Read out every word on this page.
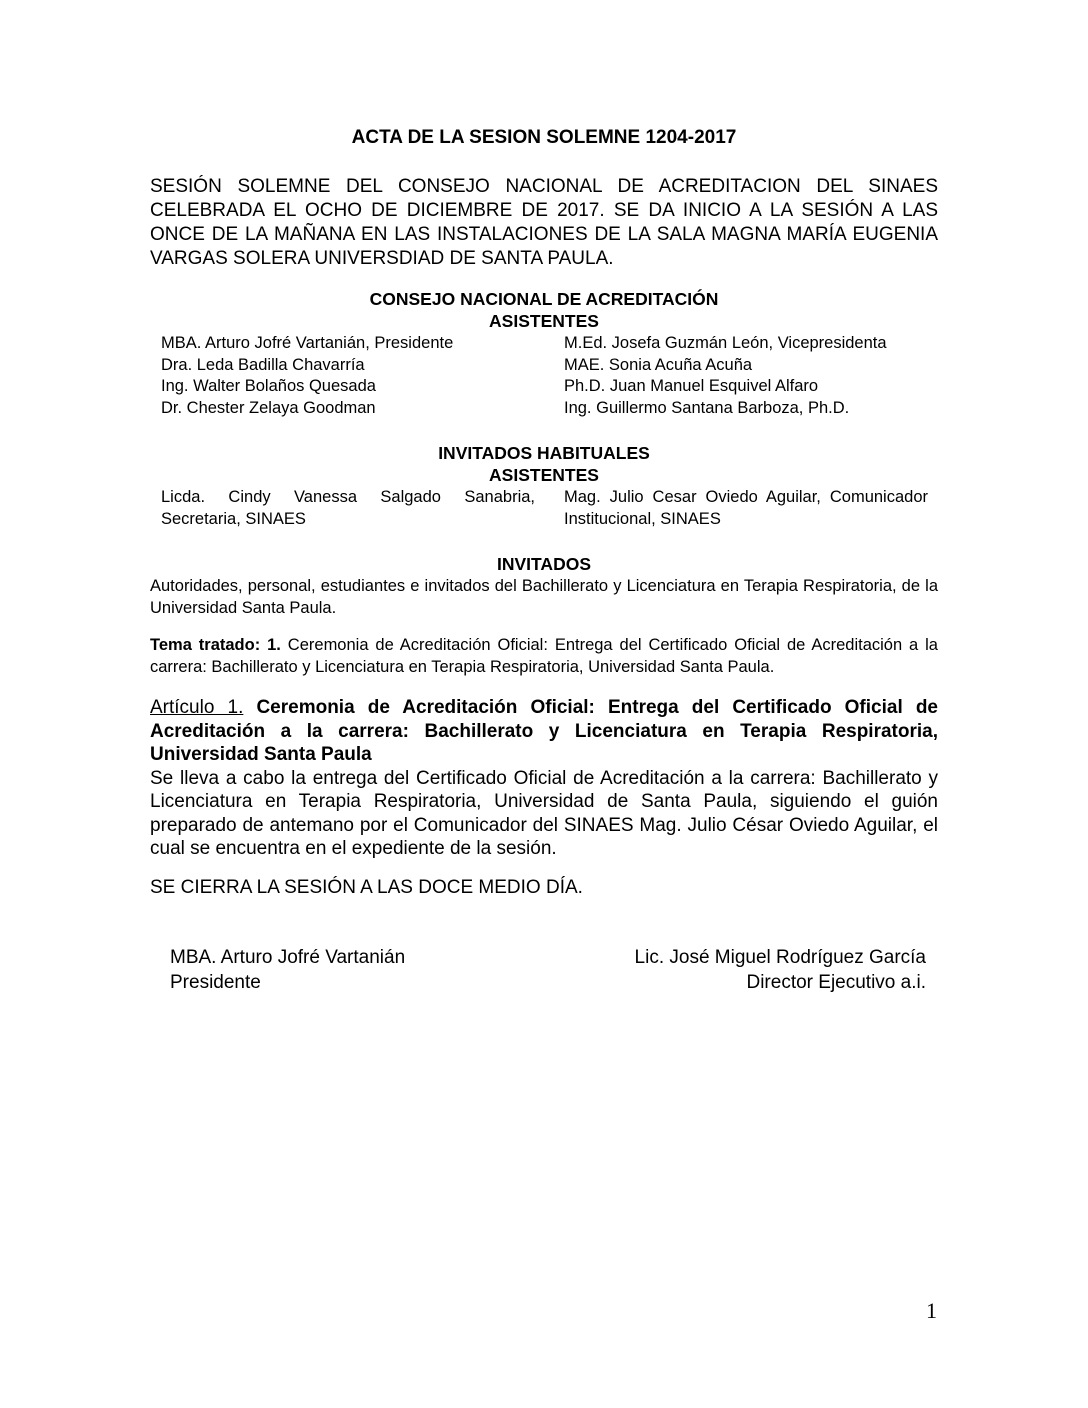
ACTA DE LA SESION SOLEMNE 1204-2017
SESIÓN SOLEMNE DEL CONSEJO NACIONAL DE ACREDITACION DEL SINAES CELEBRADA EL OCHO DE DICIEMBRE DE 2017. SE DA INICIO A LA SESIÓN A LAS ONCE DE LA MAÑANA EN LAS INSTALACIONES DE LA SALA MAGNA MARÍA EUGENIA VARGAS SOLERA UNIVERSDIAD DE SANTA PAULA.
CONSEJO NACIONAL DE ACREDITACIÓN
ASISTENTES
MBA. Arturo Jofré Vartanián, Presidente
Dra. Leda Badilla Chavarría
Ing. Walter Bolaños Quesada
Dr. Chester Zelaya Goodman
M.Ed. Josefa Guzmán León, Vicepresidenta
MAE. Sonia Acuña Acuña
Ph.D. Juan Manuel Esquivel Alfaro
Ing. Guillermo Santana Barboza, Ph.D.
INVITADOS HABITUALES
ASISTENTES
Licda. Cindy Vanessa Salgado Sanabria, Secretaria, SINAES
Mag. Julio Cesar Oviedo Aguilar, Comunicador Institucional, SINAES
INVITADOS
Autoridades, personal, estudiantes e invitados del Bachillerato y Licenciatura en Terapia Respiratoria, de la Universidad Santa Paula.
Tema tratado: 1. Ceremonia de Acreditación Oficial: Entrega del Certificado Oficial de Acreditación a la carrera: Bachillerato y Licenciatura en Terapia Respiratoria, Universidad Santa Paula.
Artículo 1. Ceremonia de Acreditación Oficial: Entrega del Certificado Oficial de Acreditación a la carrera: Bachillerato y Licenciatura en Terapia Respiratoria, Universidad Santa Paula
Se lleva a cabo la entrega del Certificado Oficial de Acreditación a la carrera: Bachillerato y Licenciatura en Terapia Respiratoria, Universidad de Santa Paula, siguiendo el guión preparado de antemano por el Comunicador del SINAES Mag. Julio César Oviedo Aguilar, el cual se encuentra en el expediente de la sesión.
SE CIERRA LA SESIÓN A LAS DOCE MEDIO DÍA.
MBA. Arturo Jofré Vartanián
Presidente
Lic. José Miguel Rodríguez García
Director Ejecutivo a.i.
1
